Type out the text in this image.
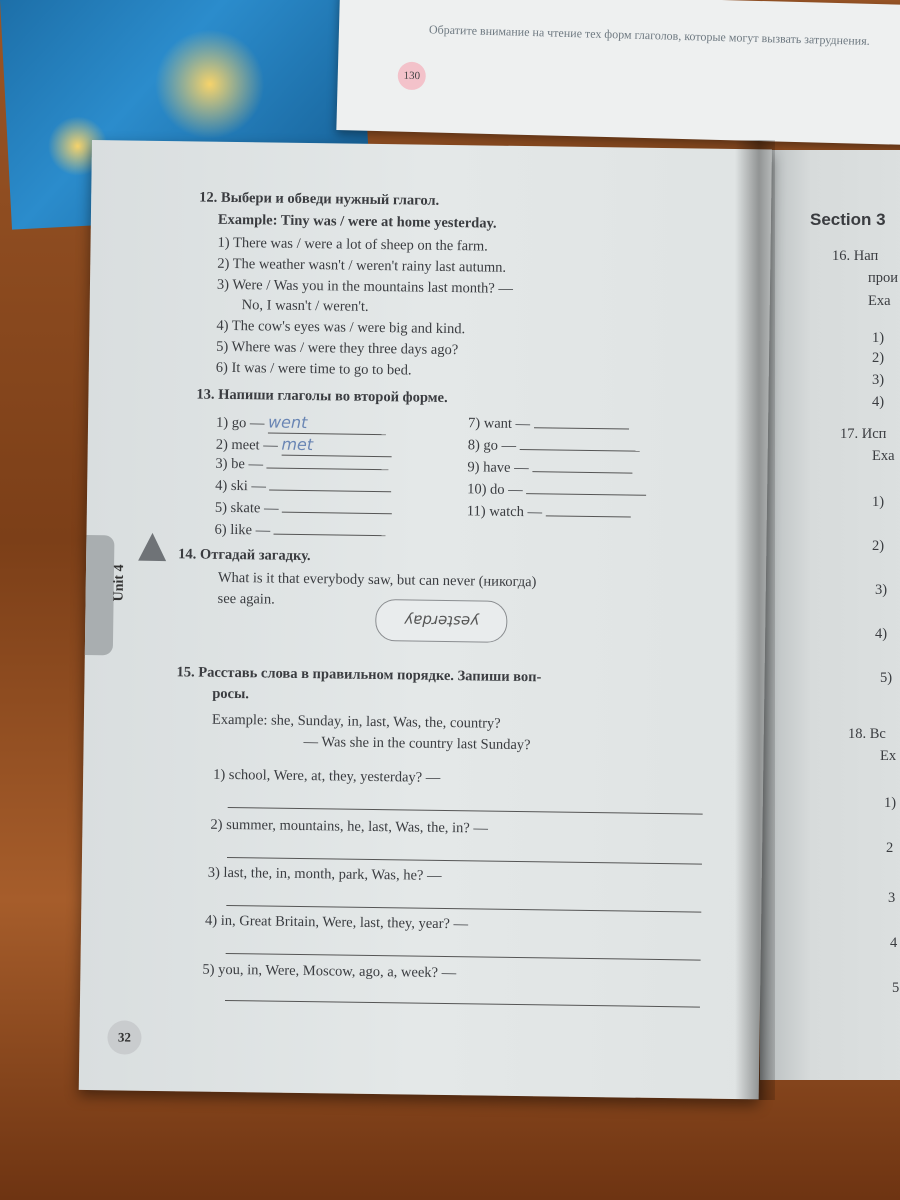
Обратите внимание на чтение тех форм глаголов, которые могут вызвать затруднения.
130
Section 3
16. Нап
прои
Exa
1)
2)
3)
4)
17. Исп
Exa
1)
2)
3)
4)
5)
18. Вс
Ex
1)
2
3
4
5
Unit 4
12. Выбери и обведи нужный глагол.
Example: Tiny was / were at home yesterday.
1) There was / were a lot of sheep on the farm.
2) The weather wasn't / weren't rainy last autumn.
3) Were / Was you in the mountains last month? —
No, I wasn't / weren't.
4) The cow's eyes was / were big and kind.
5) Where was / were they three days ago?
6) It was / were time to go to bed.
13. Напиши глаголы во второй форме.
1) go — went
2) meet — met
3) be —
4) ski —
5) skate —
6) like —
7) want —
8) go —
9) have —
10) do —
11) watch —
14. Отгадай загадку.
What is it that everybody saw, but can never (никогда)
see again.
yesterday
15. Расставь слова в правильном порядке. Запиши воп-
росы.
Example: she, Sunday, in, last, Was, the, country?
— Was she in the country last Sunday?
1) school, Were, at, they, yesterday? —
2) summer, mountains, he, last, Was, the, in? —
3) last, the, in, month, park, Was, he? —
4) in, Great Britain, Were, last, they, year? —
5) you, in, Were, Moscow, ago, a, week? —
32
